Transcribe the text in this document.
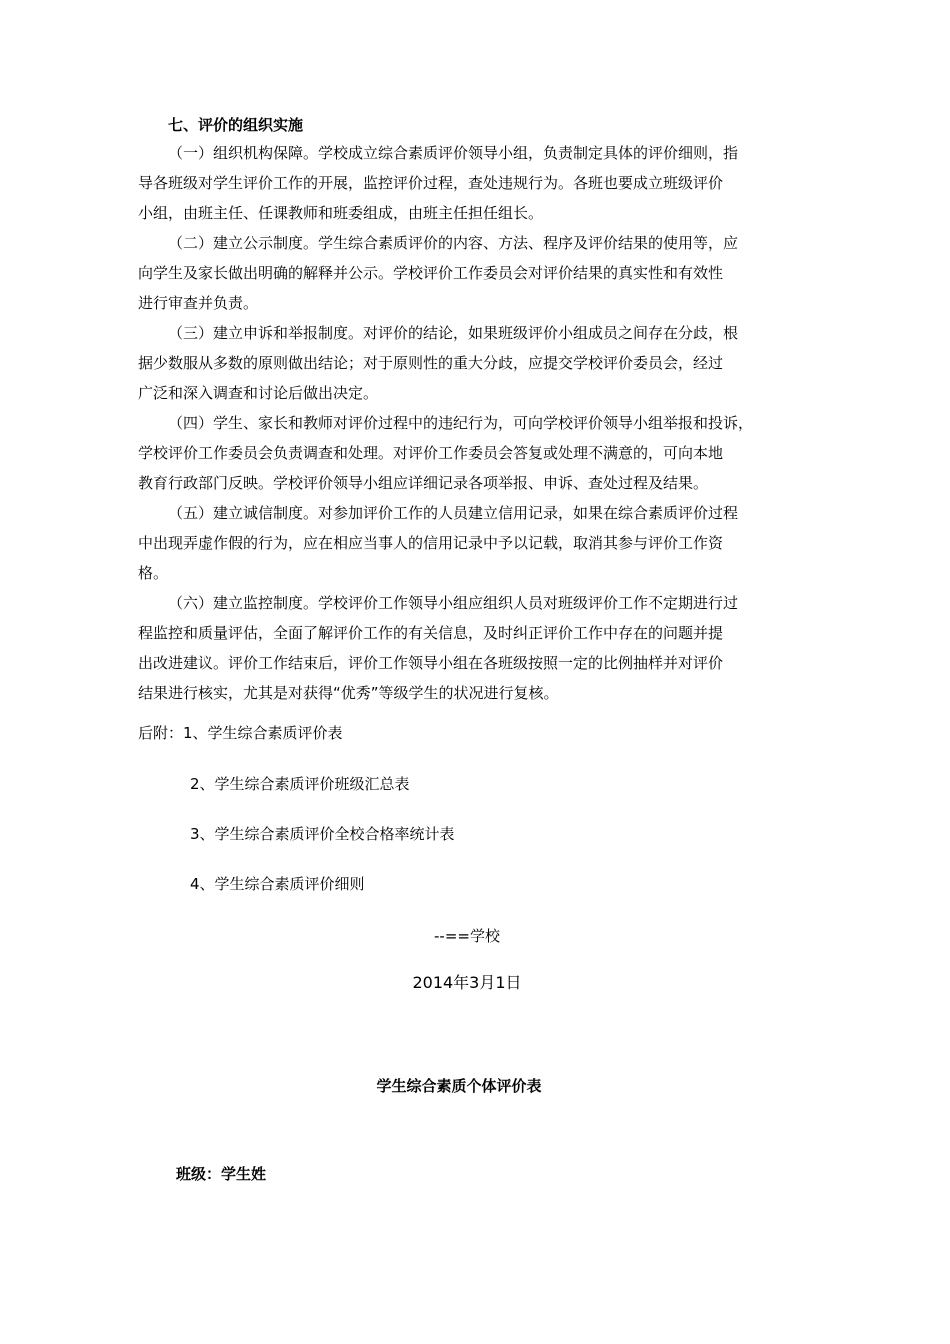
七、评价的组织实施
（一）组织机构保障。学校成立综合素质评价领导小组，负责制定具体的评价细则，指
导各班级对学生评价工作的开展，监控评价过程，查处违规行为。各班也要成立班级评价
小组，由班主任、任课教师和班委组成，由班主任担任组长。
（二）建立公示制度。学生综合素质评价的内容、方法、程序及评价结果的使用等，应
向学生及家长做出明确的解释并公示。学校评价工作委员会对评价结果的真实性和有效性
进行审查并负责。
（三）建立申诉和举报制度。对评价的结论，如果班级评价小组成员之间存在分歧，根
据少数服从多数的原则做出结论；对于原则性的重大分歧，应提交学校评价委员会，经过
广泛和深入调查和讨论后做出决定。
（四）学生、家长和教师对评价过程中的违纪行为，可向学校评价领导小组举报和投诉，
学校评价工作委员会负责调查和处理。对评价工作委员会答复或处理不满意的，可向本地
教育行政部门反映。学校评价领导小组应详细记录各项举报、申诉、查处过程及结果。
（五）建立诚信制度。对参加评价工作的人员建立信用记录，如果在综合素质评价过程
中出现弄虚作假的行为，应在相应当事人的信用记录中予以记载，取消其参与评价工作资
格。
（六）建立监控制度。学校评价工作领导小组应组织人员对班级评价工作不定期进行过
程监控和质量评估，全面了解评价工作的有关信息，及时纠正评价工作中存在的问题并提
出改进建议。评价工作结束后，评价工作领导小组在各班级按照一定的比例抽样并对评价
结果进行核实，尤其是对获得“优秀”等级学生的状况进行复核。
后附：1、学生综合素质评价表
2、学生综合素质评价班级汇总表
3、学生综合素质评价全校合格率统计表
4、学生综合素质评价细则
--==学校
2014年3月1日
学生综合素质个体评价表
班级：学生姓
